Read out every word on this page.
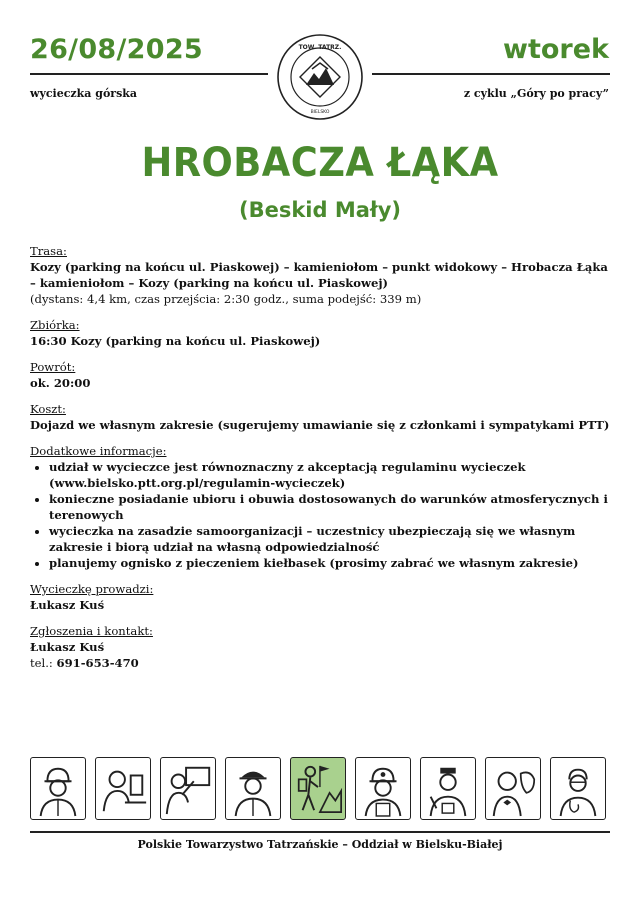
26/08/2025	wtorek
wycieczka górska	z cyklu „Góry po pracy”
TOW. TATRZ.
BIELSKO
HROBACZA ŁĄKA
(Beskid Mały)

Trasa:

Kozy (parking na końcu ul. Piaskowej) – kamieniołom – punkt widokowy – Hrobacza Łąka
– kamieniołom – Kozy (parking na końcu ul. Piaskowej)

(dystans: 4,4 km, czas przejścia: 2:30 godz., suma podejść: 339 m)

Zbiórka:

16:30 Kozy (parking na końcu ul. Piaskowej)

Powrót:

ok. 20:00

Koszt:

Dojazd we własnym zakresie (sugerujemy umawianie się z członkami i sympatykami PTT)

Dodatkowe informacje:

• udział w wycieczce jest równoznaczny z akceptacją regulaminu wycieczek (www.bielsko.ptt.org.pl/regulamin-wycieczek)
• konieczne posiadanie ubioru i obuwia dostosowanych do warunków atmosferycznych i terenowych
• wycieczka na zasadzie samoorganizacji – uczestnicy ubezpieczają się we własnym zakresie i biorą udział na własną odpowiedzialność
• planujemy ognisko z pieczeniem kiełbasek (prosimy zabrać we własnym zakresie)

Wycieczkę prowadzi:

Łukasz Kuś

Zgłoszenia i kontakt:

Łukasz Kuś

tel.: 691-653-470

Polskie Towarzystwo Tatrzańskie – Oddział w Bielsku-Białej
